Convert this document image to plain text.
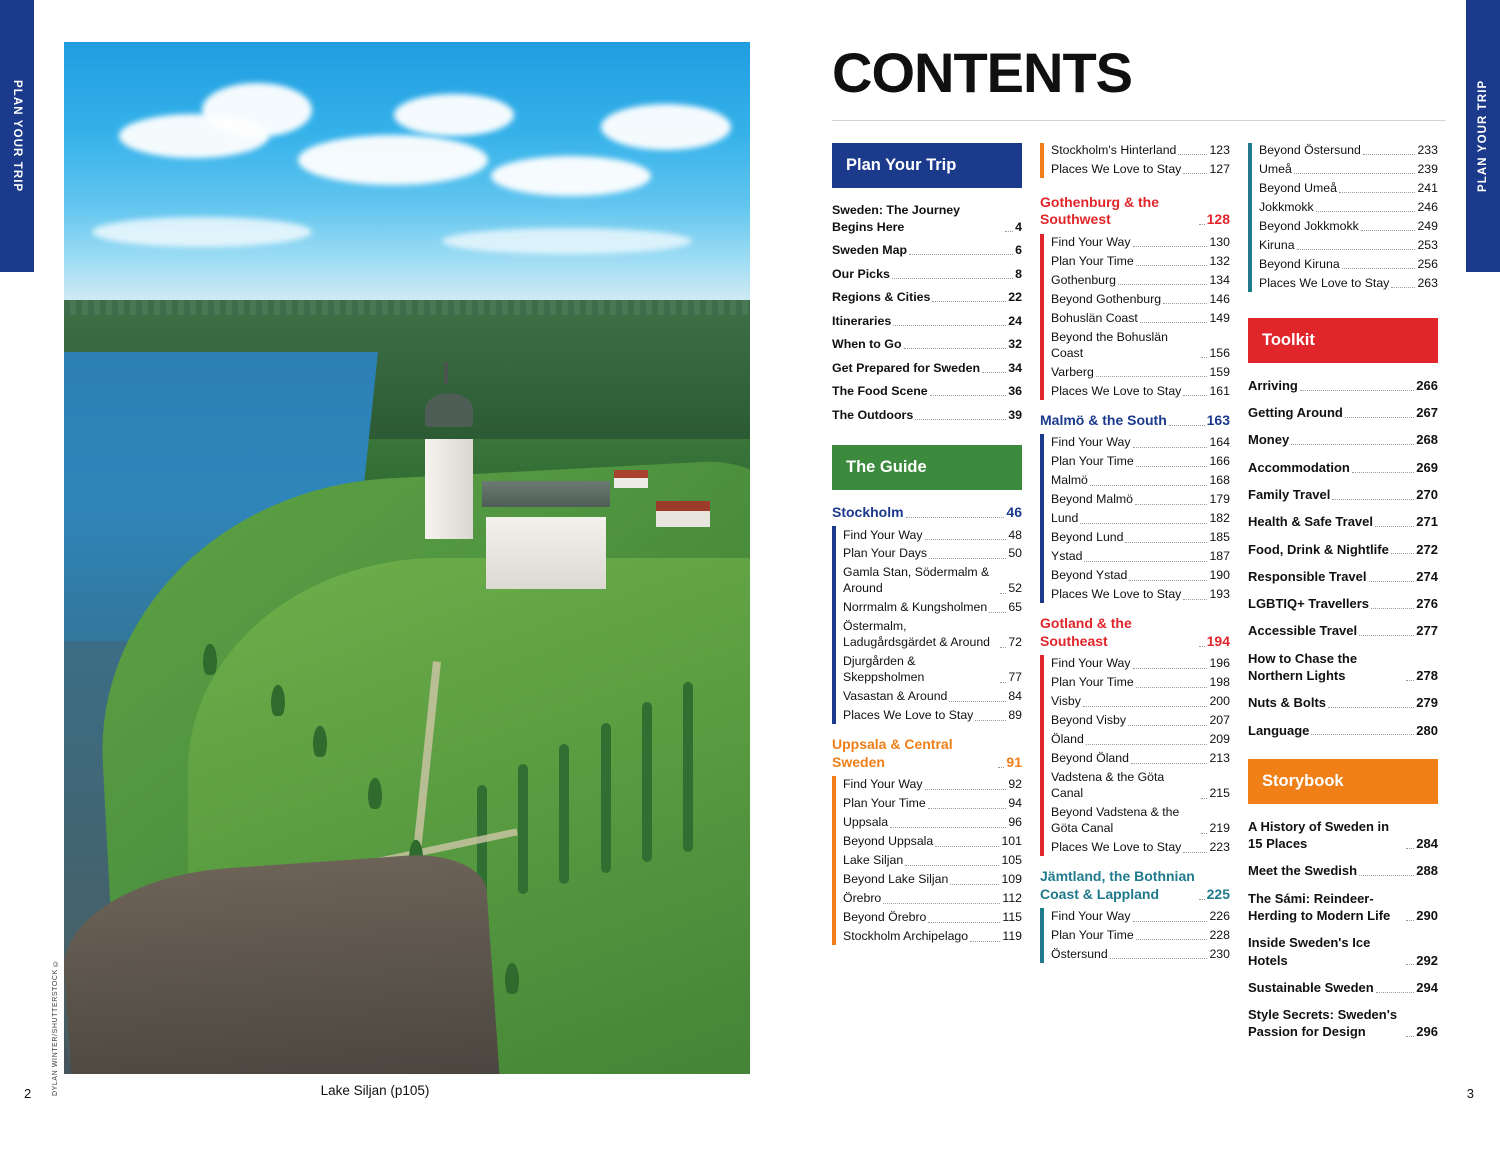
PLAN YOUR TRIP
DYLAN WINTER/SHUTTERSTOCK ©	Lake Siljan (p105)
2
PLAN YOUR TRIP
CONTENTS
Plan Your Trip
Sweden: The Journey Begins Here	4
Sweden Map	6
Our Picks	8
Regions & Cities	22
Itineraries	24
When to Go	32
Get Prepared for Sweden 34
The Food Scene	36
The Outdoors	39
The Guide
Stockholm	46
Find Your Way	48
Plan Your Days	50
Gamla Stan, Södermalm & Around	52
Norrmalm & Kungsholmen 65
Östermalm, Ladugårdsgärdet & Around	72
Djurgården & Skeppsholmen	77
Vasastan & Around	84
Places We Love to Stay	89
Uppsala & Central Sweden	91
Find Your Way	92
Plan Your Time	94
Uppsala	96
Beyond Uppsala	101
Lake Siljan	105
Beyond Lake Siljan	109
Örebro	112
Beyond Örebro	115
Stockholm Archipelago	119
Stockholm's Hinterland	123
Places We Love to Stay 127
Gothenburg & the Southwest	128
Find Your Way	130
Plan Your Time	132
Gothenburg	134
Beyond Gothenburg	146
Bohuslän Coast	149
Beyond the Bohuslän Coast	156
Varberg	159
Places We Love to Stay 161
Malmö & the South	163
Find Your Way	164
Plan Your Time	166
Malmö	168
Beyond Malmö	179
Lund	182
Beyond Lund	185
Ystad	187
Beyond Ystad	190
Places We Love to Stay 193
Gotland & the Southeast	194
Find Your Way	196
Plan Your Time	198
Visby	200
Beyond Visby	207
Öland	209
Beyond Öland	213
Vadstena & the Göta Canal	215
Beyond Vadstena & the Göta Canal	219
Places We Love to Stay 223
Jämtland, the Bothnian Coast & Lappland	225
Find Your Way	226
Plan Your Time	228
Östersund	230
Beyond Östersund	233
Umeå	239
Beyond Umeå	241
Jokkmokk	246
Beyond Jokkmokk	249
Kiruna	253
Beyond Kiruna	256
Places We Love to Stay 263
Toolkit
Arriving	266
Getting Around	267
Money	268
Accommodation	269
Family Travel	270
Health & Safe Travel	271
Food, Drink & Nightlife 272
Responsible Travel	274
LGBTIQ+ Travellers	276
Accessible Travel	277
How to Chase the Northern Lights	278
Nuts & Bolts	279
Language	280
Storybook
A History of Sweden in 15 Places	284
Meet the Swedish	288
The Sámi: Reindeer-Herding to Modern Life	290
Inside Sweden's Ice Hotels	292
Sustainable Sweden	294
Style Secrets: Sweden's Passion for Design	296
3
